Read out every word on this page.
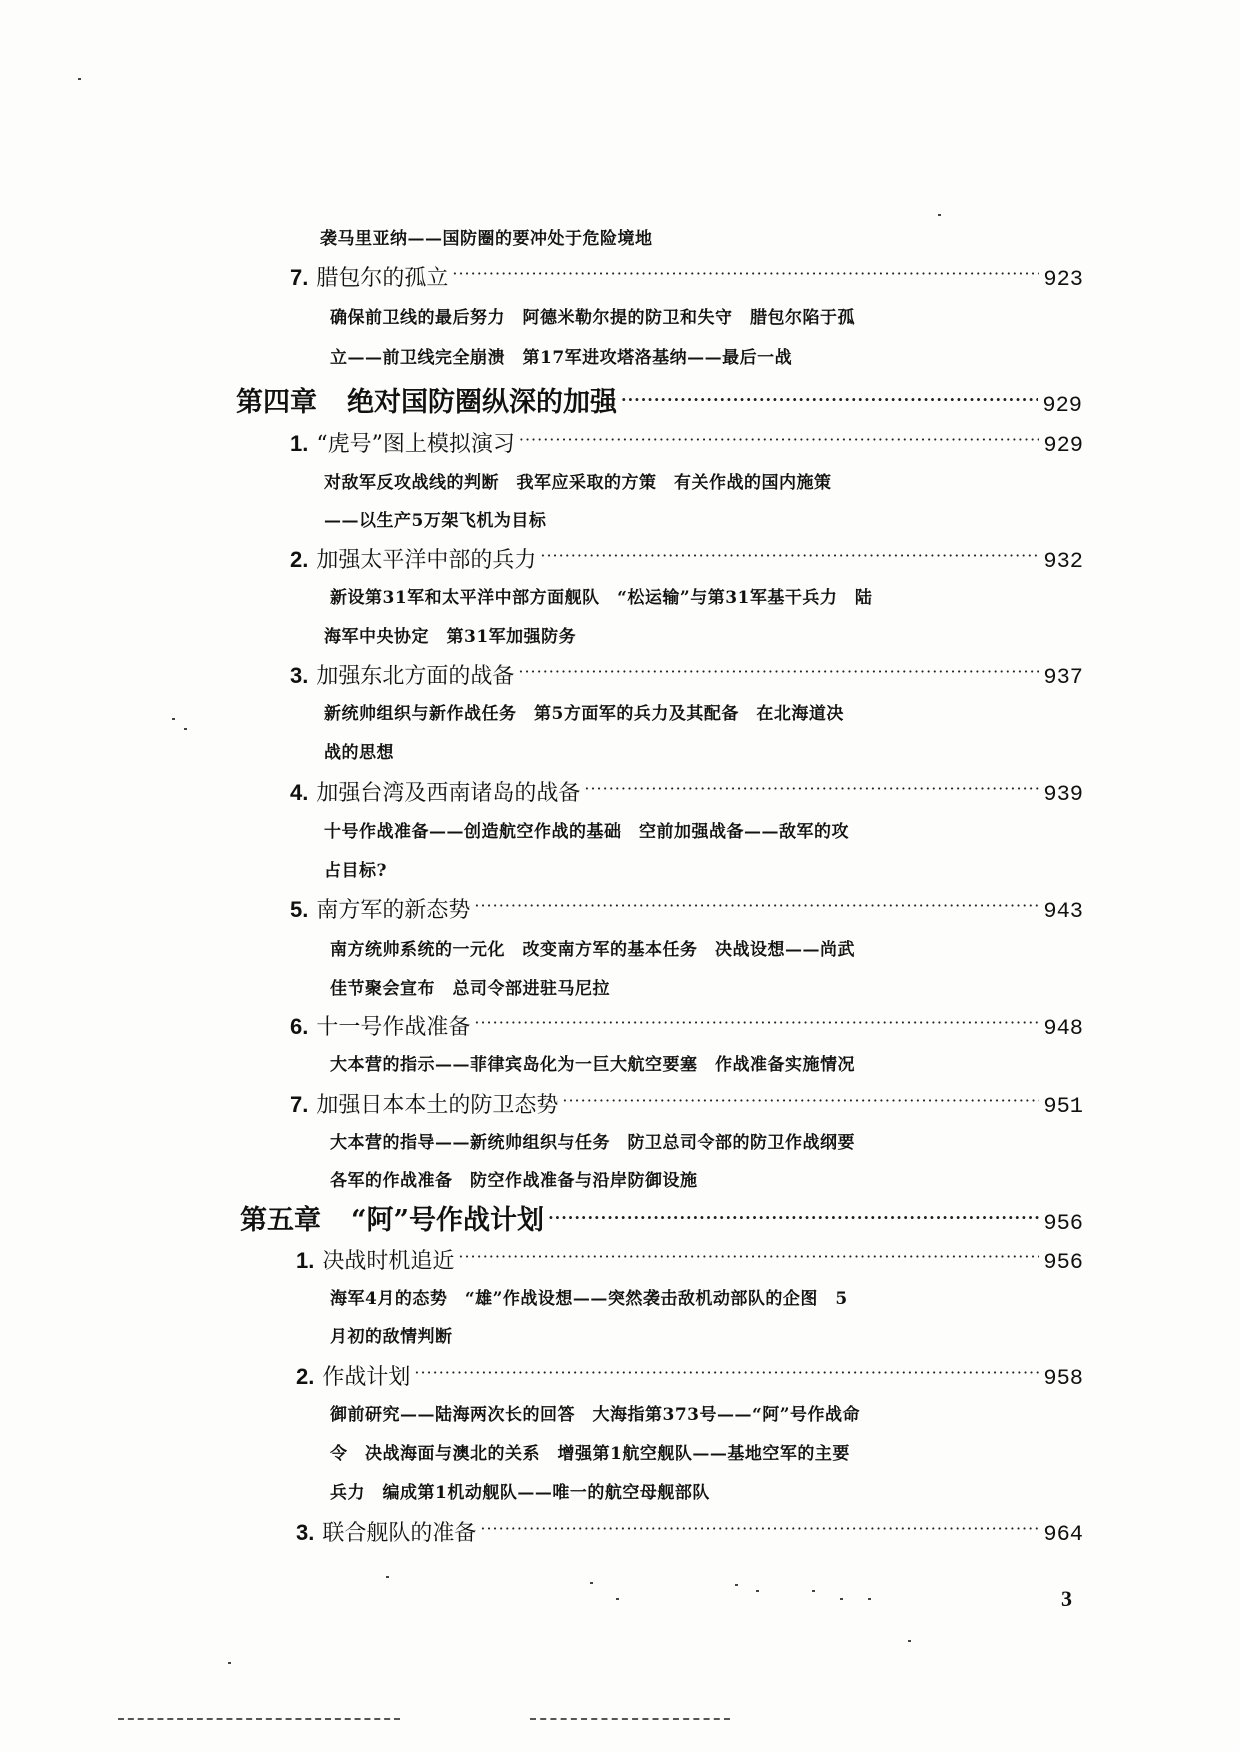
袭马里亚纳——国防圈的要冲处于危险境地
7. 腊包尔的孤立 ·····	923
确保前卫线的最后努力　阿德米勒尔提的防卫和失守　腊包尔陷于孤
立——前卫线完全崩溃　第17军进攻塔洛基纳——最后一战
第四章 绝对国防圈纵深的加强 ·····	929
1. “虎号”图上模拟演习 ·····	929
对敌军反攻战线的判断　我军应采取的方策　有关作战的国内施策
——以生产5万架飞机为目标
2. 加强太平洋中部的兵力 ·····	932
新设第31军和太平洋中部方面舰队　“松运输”与第31军基干兵力　陆
海军中央协定　第31军加强防务
3. 加强东北方面的战备 ·····	937
新统帅组织与新作战任务　第5方面军的兵力及其配备　在北海道决
战的思想
4. 加强台湾及西南诸岛的战备 ·····	939
十号作战准备——创造航空作战的基础　空前加强战备——敌军的攻
占目标?
5. 南方军的新态势 ·····	943
南方统帅系统的一元化　改变南方军的基本任务　决战设想——尚武
佳节聚会宣布　总司令部进驻马尼拉
6. 十一号作战准备 ·····	948
大本营的指示——菲律宾岛化为一巨大航空要塞　作战准备实施情况
7. 加强日本本土的防卫态势 ·····	951
大本营的指导——新统帅组织与任务　防卫总司令部的防卫作战纲要
各军的作战准备　防空作战准备与沿岸防御设施
第五章 “阿”号作战计划 ·····	956
1. 决战时机追近 ·····	956
海军4月的态势　“雄”作战设想——突然袭击敌机动部队的企图　5
月初的敌情判断
2. 作战计划 ·····	958
御前研究——陆海两次长的回答　大海指第373号——“阿”号作战命
令　决战海面与澳北的关系　增强第1航空舰队——基地空军的主要
兵力　编成第1机动舰队——唯一的航空母舰部队
3. 联合舰队的准备 ·····	964
3
